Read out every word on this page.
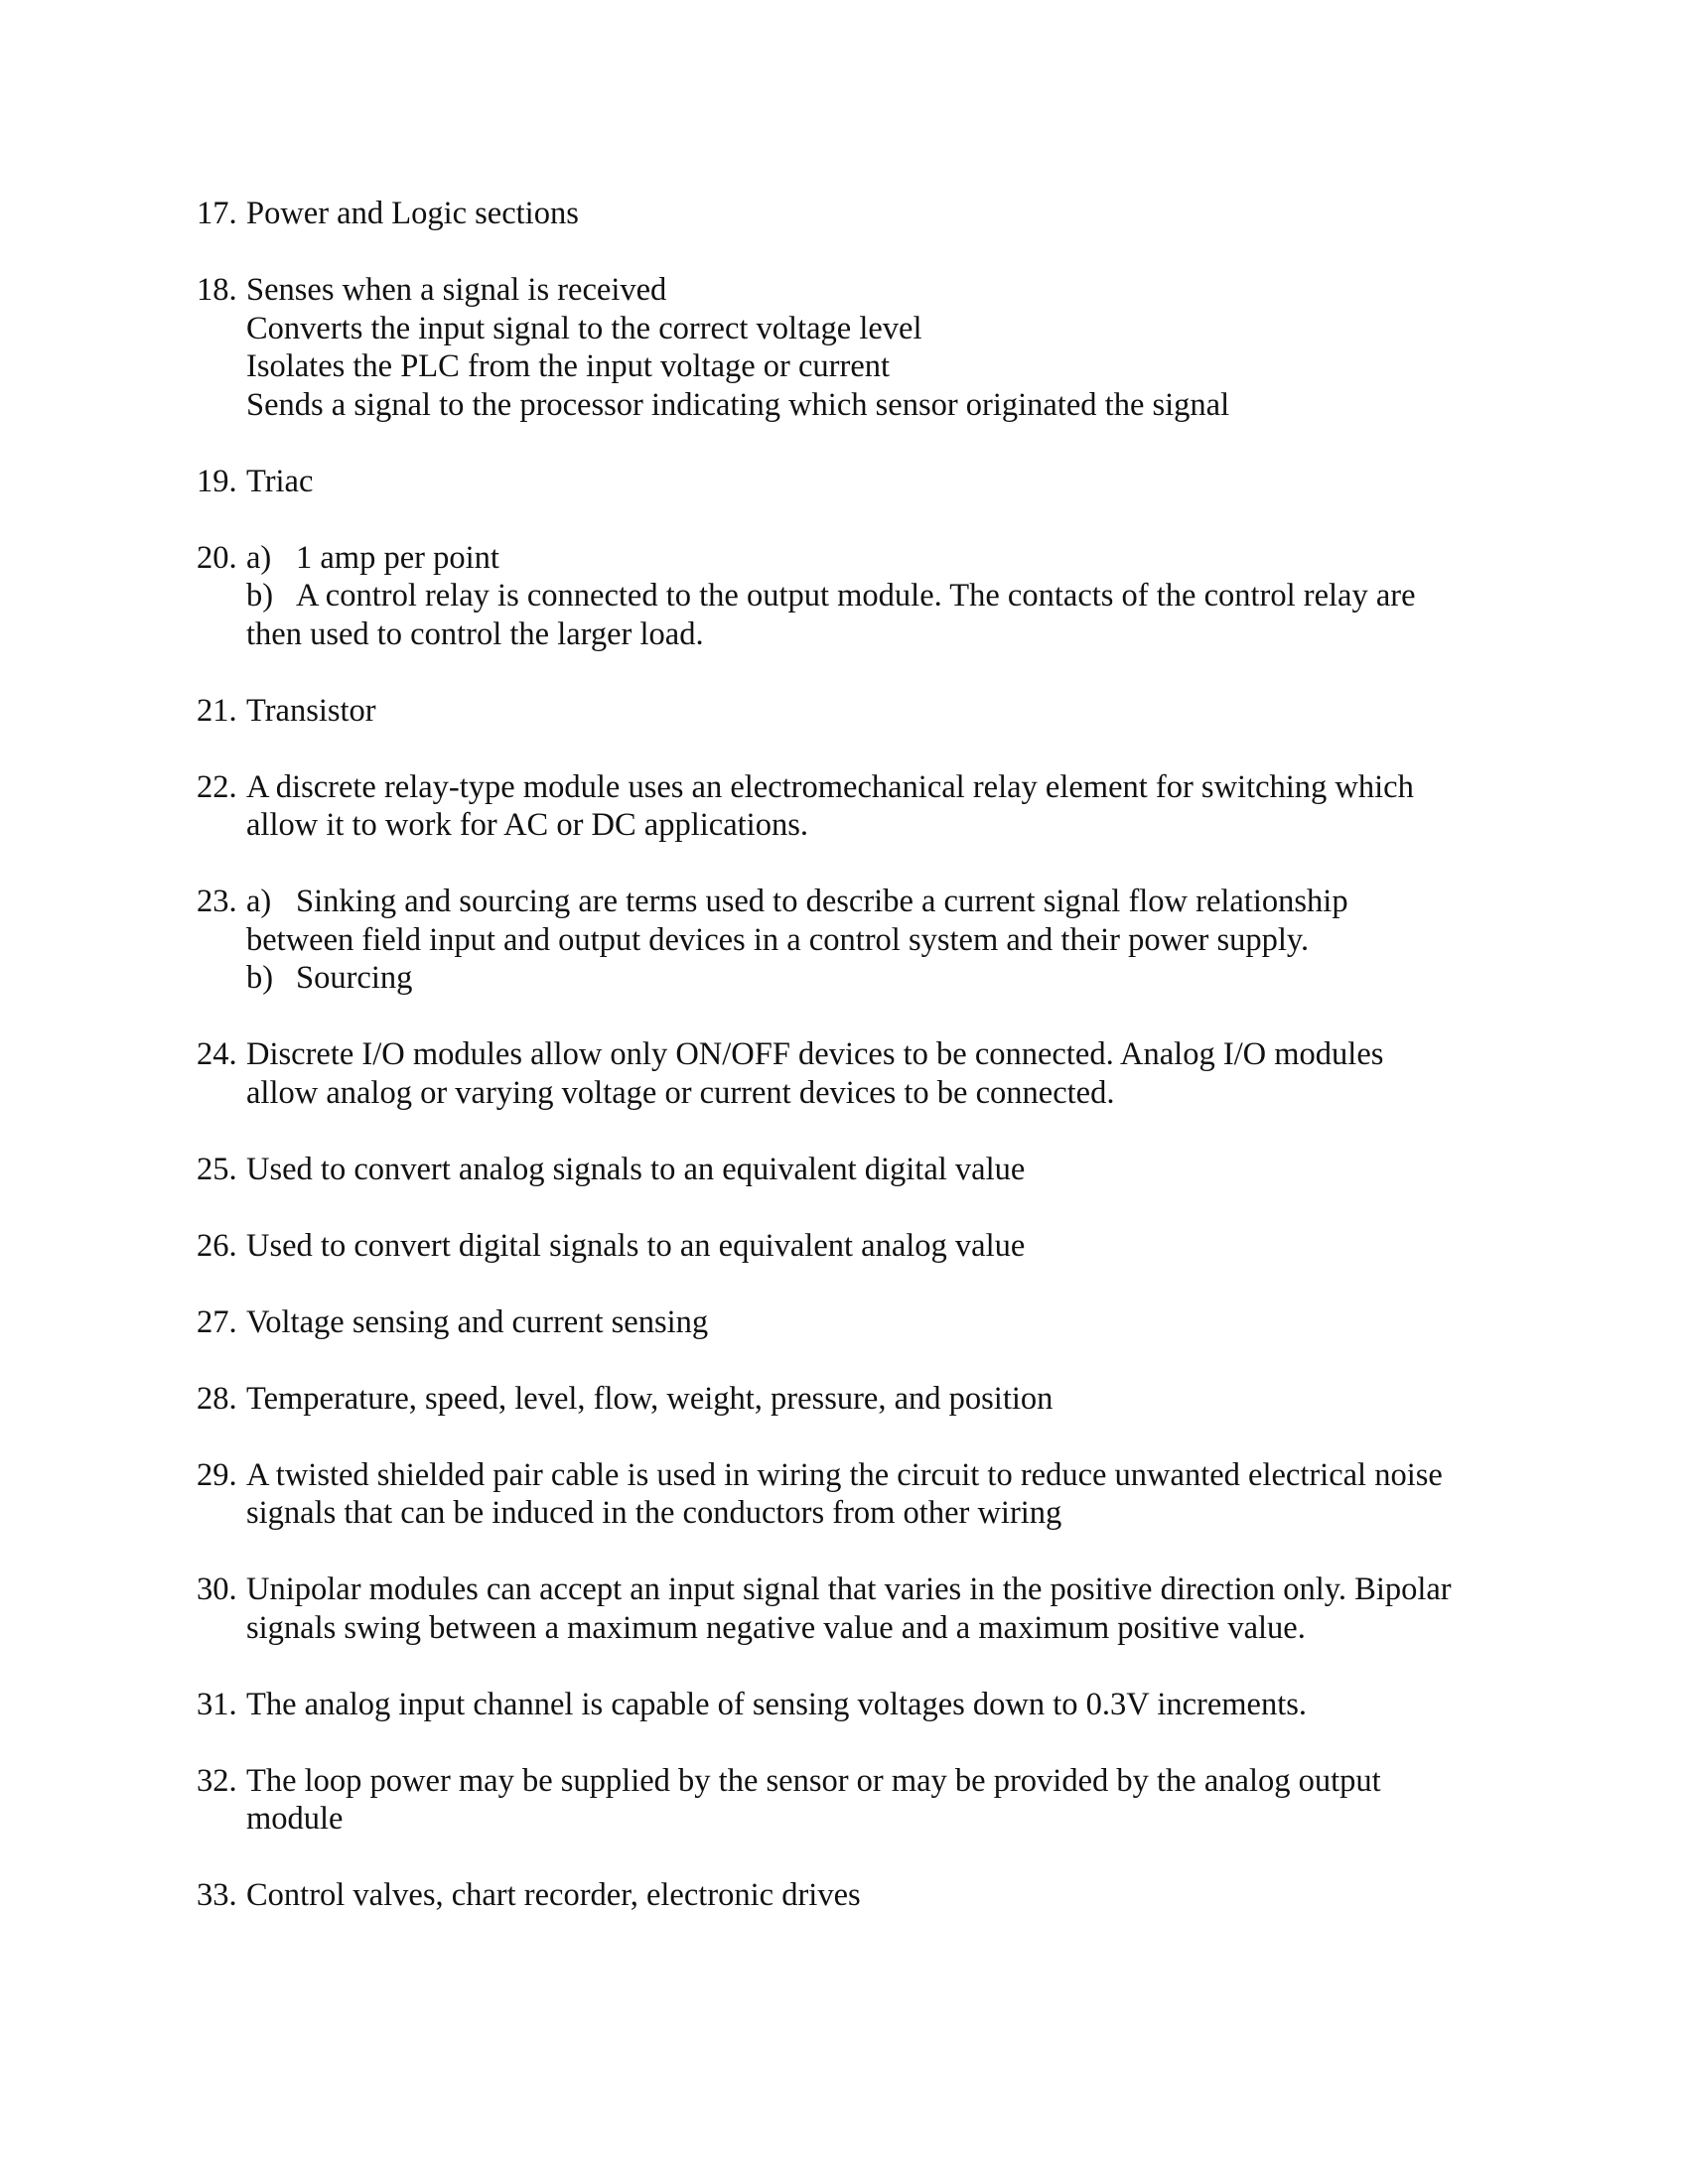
17. Power and Logic sections
18. Senses when a signal is received
Converts the input signal to the correct voltage level
Isolates the PLC from the input voltage or current
Sends a signal to the processor indicating which sensor originated the signal
19. Triac
20. a) 1 amp per point
b) A control relay is connected to the output module. The contacts of the control relay are
then used to control the larger load.
21. Transistor
22. A discrete relay-type module uses an electromechanical relay element for switching which
allow it to work for AC or DC applications.
23. a) Sinking and sourcing are terms used to describe a current signal flow relationship
between field input and output devices in a control system and their power supply.
b) Sourcing
24. Discrete I/O modules allow only ON/OFF devices to be connected. Analog I/O modules
allow analog or varying voltage or current devices to be connected.
25. Used to convert analog signals to an equivalent digital value
26. Used to convert digital signals to an equivalent analog value
27. Voltage sensing and current sensing
28. Temperature, speed, level, flow, weight, pressure, and position
29. A twisted shielded pair cable is used in wiring the circuit to reduce unwanted electrical noise
signals that can be induced in the conductors from other wiring
30. Unipolar modules can accept an input signal that varies in the positive direction only. Bipolar
signals swing between a maximum negative value and a maximum positive value.
31. The analog input channel is capable of sensing voltages down to 0.3V increments.
32. The loop power may be supplied by the sensor or may be provided by the analog output
module
33. Control valves, chart recorder, electronic drives
